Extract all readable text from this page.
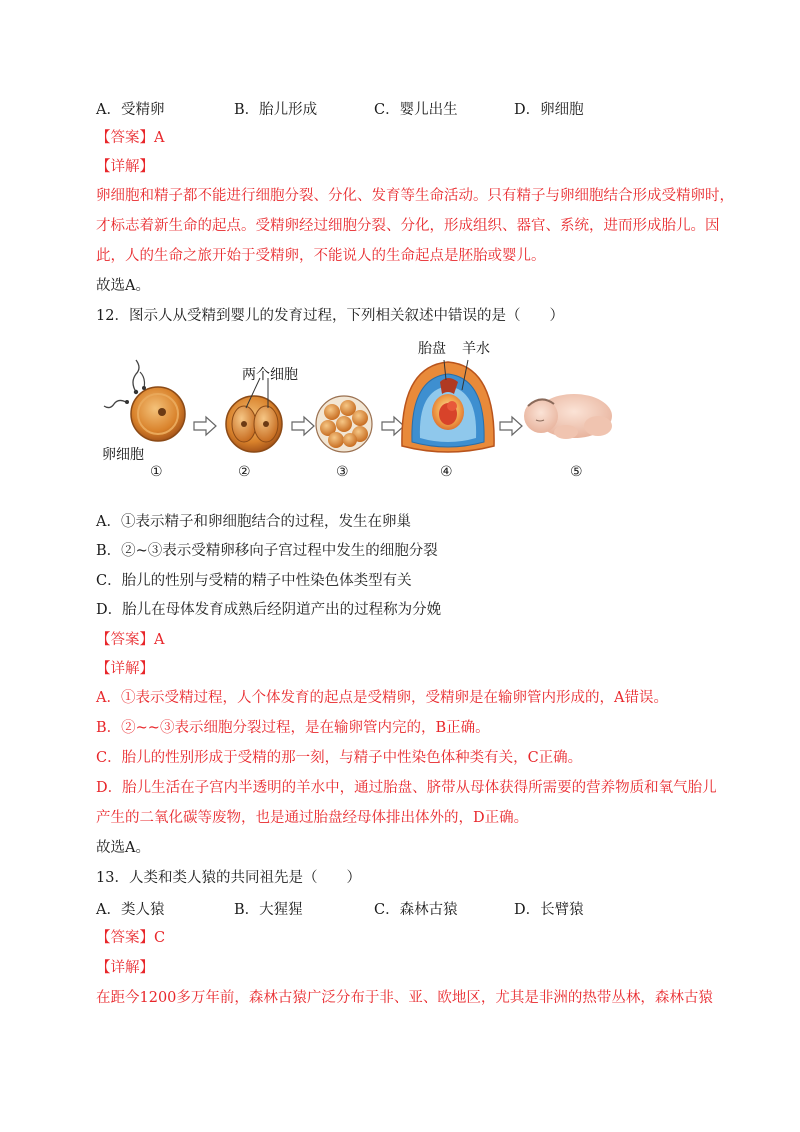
A．受精卵	B．胎儿形成	C．婴儿出生	D．卵细胞
【答案】A
【详解】
卵细胞和精子都不能进行细胞分裂、分化、发育等生命活动。只有精子与卵细胞结合形成受精卵时，
才标志着新生命的起点。受精卵经过细胞分裂、分化，形成组织、器官、系统，进而形成胎儿。因
此，人的生命之旅开始于受精卵，不能说人的生命起点是胚胎或婴儿。
故选A。
12．图示人从受精到婴儿的发育过程，下列相关叙述中错误的是（　　）
两个细胞
卵细胞
胎盘 羊水
①	②	③	④	⑤
A．①表示精子和卵细胞结合的过程，发生在卵巢
B．②~③表示受精卵移向子宫过程中发生的细胞分裂
C．胎儿的性别与受精的精子中性染色体类型有关
D．胎儿在母体发育成熟后经阴道产出的过程称为分娩
【答案】A
【详解】
A．①表示受精过程，人个体发育的起点是受精卵，受精卵是在输卵管内形成的，A错误。
B．②~~③表示细胞分裂过程，是在输卵管内完的，B正确。
C．胎儿的性别形成于受精的那一刻，与精子中性染色体种类有关，C正确。
D．胎儿生活在子宫内半透明的羊水中，通过胎盘、脐带从母体获得所需要的营养物质和氧气胎儿
产生的二氧化碳等废物，也是通过胎盘经母体排出体外的，D正确。
故选A。
13．人类和类人猿的共同祖先是（　　）
A．类人猿	B．大猩猩	C．森林古猿	D．长臂猿
【答案】C
【详解】
在距今1200多万年前，森林古猿广泛分布于非、亚、欧地区，尤其是非洲的热带丛林，森林古猿
